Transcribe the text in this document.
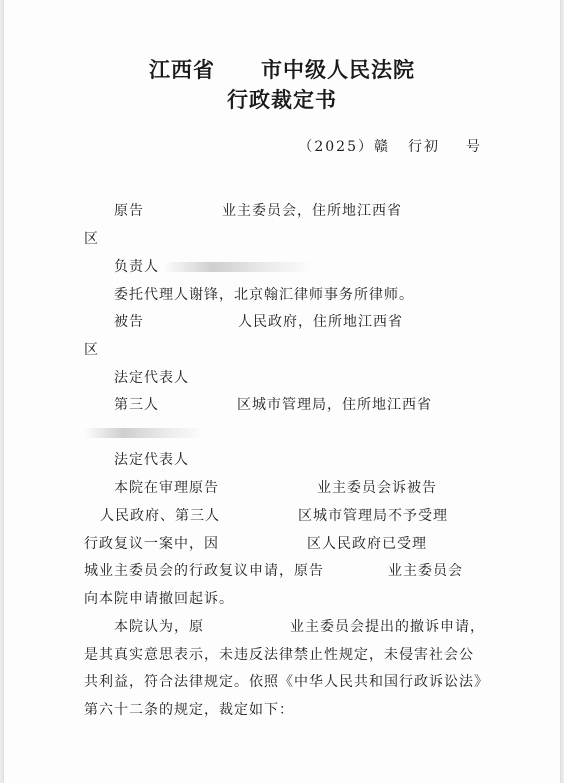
江西省 市中级人民法院
行政裁定书
（2025）赣 行初 号
原告	业主委员会，住所地江西省
区
负责人
委托代理人谢锋，北京翰汇律师事务所律师。
被告	人民政府，住所地江西省
区
法定代表人
第三人	区城市管理局，住所地江西省
法定代表人
本院在审理原告	业主委员会诉被告
人民政府、第三人	区城市管理局不予受理
行政复议一案中，因	区人民政府已受理
城业主委员会的行政复议申请，原告	业主委员会
向本院申请撤回起诉。
本院认为，原	业主委员会提出的撤诉申请，
是其真实意思表示，未违反法律禁止性规定，未侵害社会公
共利益，符合法律规定。依照《中华人民共和国行政诉讼法》
第六十二条的规定，裁定如下：
